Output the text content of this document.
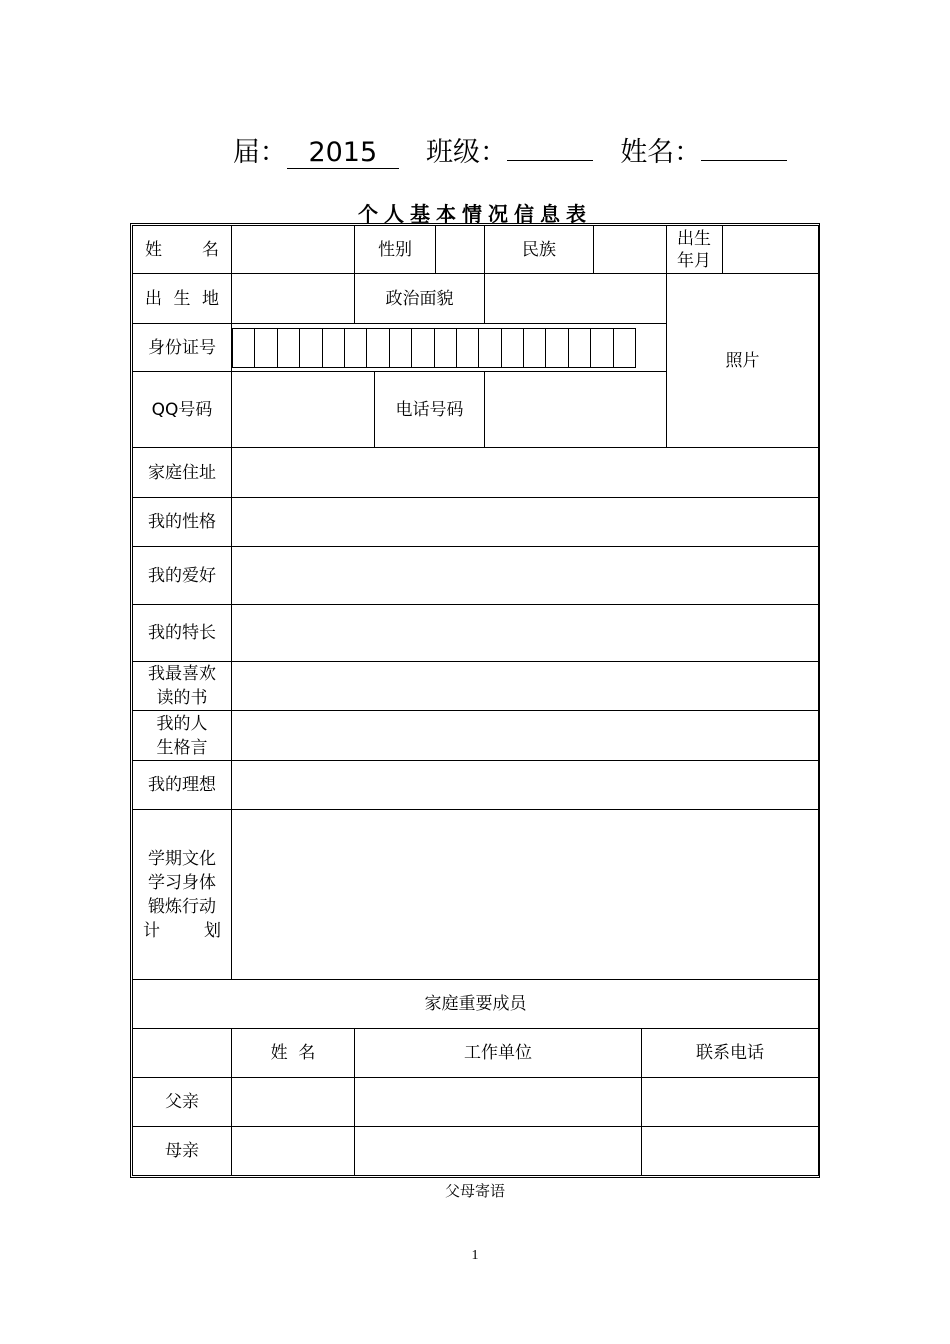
届： 2015 班级：	姓名：
个人基本情况信息表
姓 名		性别			民族			出生年月	
出 生 地		政治面貌						照片	
身份证号									

QQ号码			电话号码						
家庭住址									
我的性格									
我的爱好									
我的特长									
我最喜欢读的书									
我的人生格言									
我的理想									

学期文化
学习身体
锻炼行动
计 划									

家庭重要成员									
	姓  名	工作单位					联系电话		
父亲									
母亲									
父母寄语
1
